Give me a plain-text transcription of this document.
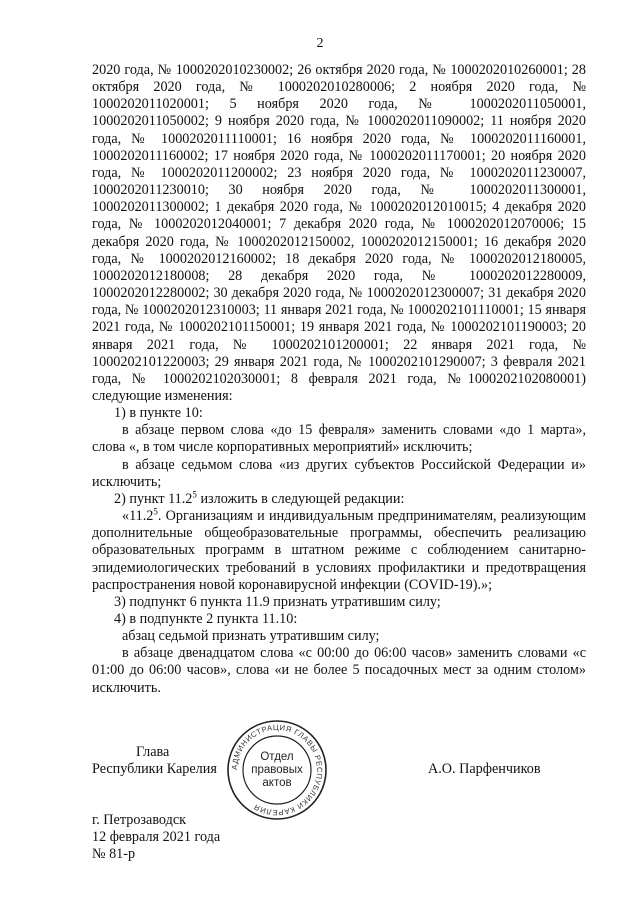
2

2020 года, № 1000202010230002; 26 октября 2020 года, № 1000202010260001; 28 октября 2020 года, № 1000202010280006; 2 ноября 2020 года, № 1000202011020001; 5 ноября 2020 года, № 1000202011050001, 1000202011050002; 9 ноября 2020 года, № 1000202011090002; 11 ноября 2020 года, № 1000202011110001; 16 ноября 2020 года, № 1000202011160001, 1000202011160002; 17 ноября 2020 года, № 1000202011170001; 20 ноября 2020 года, № 1000202011200002; 23 ноября 2020 года, № 1000202011230007, 1000202011230010; 30 ноября 2020 года, № 1000202011300001, 1000202011300002; 1 декабря 2020 года, № 1000202012010015; 4 декабря 2020 года, № 1000202012040001; 7 декабря 2020 года, № 1000202012070006; 15 декабря 2020 года, № 1000202012150002, 1000202012150001; 16 декабря 2020 года, № 1000202012160002; 18 декабря 2020 года, № 1000202012180005, 1000202012180008; 28 декабря 2020 года, № 1000202012280009, 1000202012280002; 30 декабря 2020 года, № 1000202012300007; 31 декабря 2020 года, № 1000202012310003; 11 января 2021 года, № 1000202101110001; 15 января 2021 года, № 1000202101150001; 19 января 2021 года, № 1000202101190003; 20 января 2021 года, № 1000202101200001; 22 января 2021 года, № 1000202101220003; 29 января 2021 года, № 1000202101290007; 3 февраля 2021 года, № 1000202102030001; 8 февраля 2021 года, №1000202102080001) следующие изменения:

1) в пункте 10:

в абзаце первом слова «до 15 февраля» заменить словами «до 1 марта», слова «, в том числе корпоративных мероприятий» исключить;

в абзаце седьмом слова «из других субъектов Российской Федерации и» исключить;

2) пункт 11.2$^5$ изложить в следующей редакции:

«11.2$^5$. Организациям и индивидуальным предпринимателям, реализующим дополнительные общеобразовательные программы, обеспечить реализацию образовательных программ в штатном режиме с соблюдением санитарно-эпидемиологических требований в условиях профилактики и предотвращения распространения новой коронавирусной инфекции (COVID-19).»;

3) подпункт 6 пункта 11.9 признать утратившим силу;

4) в подпункте 2 пункта 11.10:

абзац седьмой признать утратившим силу;

в абзаце двенадцатом слова «с 00:00 до 06:00 часов» заменить словами «с 01:00 до 06:00 часов», слова «и не более 5 посадочных мест за одним столом» исключить.

Глава
Республики Карелия	А.О. Парфенчиков
АДМИНИСТРАЦИЯ ГЛАВЫ РЕСПУБЛИКИ КАРЕЛИЯ
Отдел
правовых
актов
г. Петрозаводск
12 февраля 2021 года
№ 81-р
